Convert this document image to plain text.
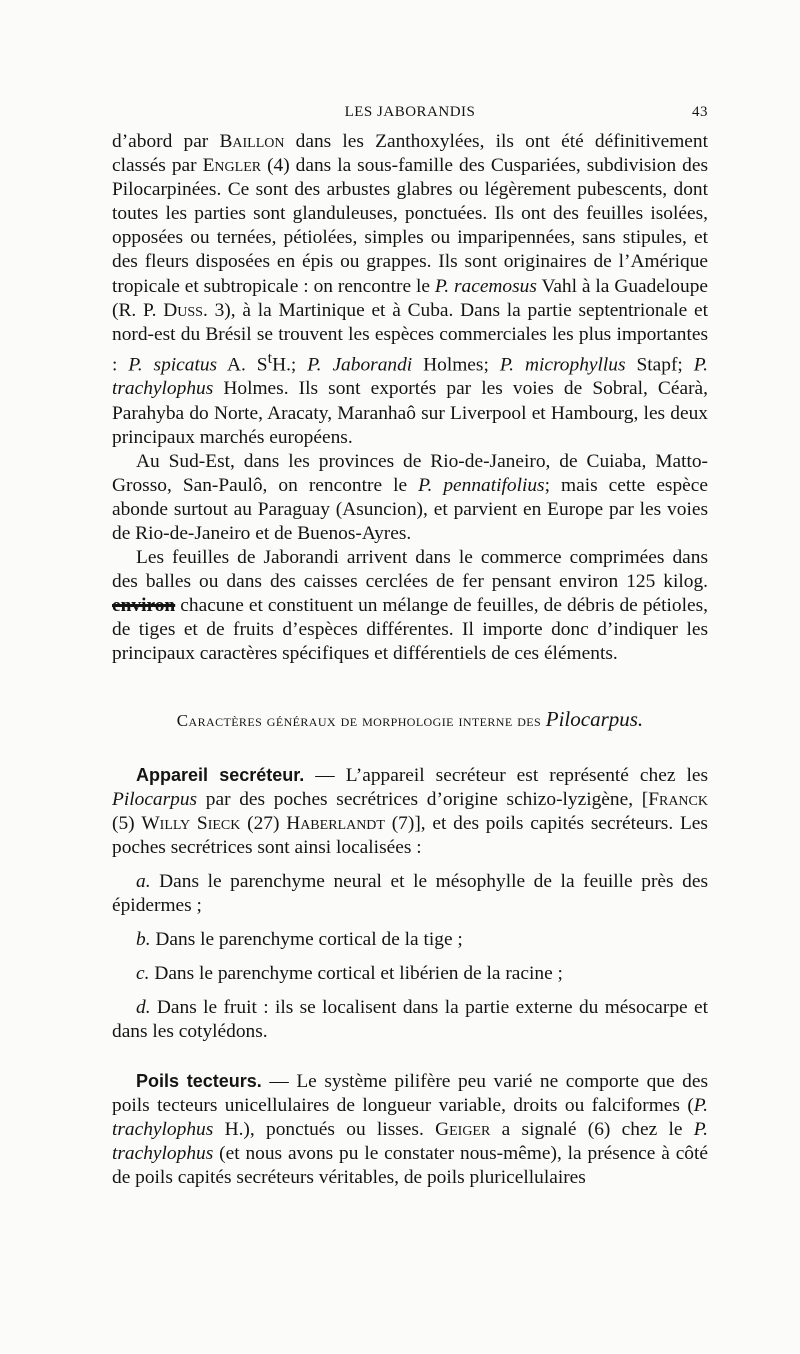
LES JABORANDIS	43

d’abord par Baillon dans les Zanthoxylées, ils ont été définitivement classés par Engler (4) dans la sous-famille des Cuspariées, subdivision des Pilocarpinées. Ce sont des arbustes glabres ou légèrement pubescents, dont toutes les parties sont glanduleuses, ponctuées. Ils ont des feuilles isolées, opposées ou ternées, pétiolées, simples ou imparipennées, sans stipules, et des fleurs disposées en épis ou grappes. Ils sont originaires de l’Amérique tropicale et subtropicale : on rencontre le P. racemosus Vahl à la Guadeloupe (R. P. Duss. 3), à la Martinique et à Cuba. Dans la partie septentrionale et nord-est du Brésil se trouvent les espèces commerciales les plus importantes : P. spicatus A. $S^tH$.; P. Jaborandi Holmes; P. microphyllus Stapf; P. trachylophus Holmes. Ils sont exportés par les voies de Sobral, Céarà, Parahyba do Norte, Aracaty, Maranhaô sur Liverpool et Hambourg, les deux principaux marchés européens.

Au Sud-Est, dans les provinces de Rio-de-Janeiro, de Cuiaba, Matto-Grosso, San-Paulô, on rencontre le P. pennatifolius; mais cette espèce abonde surtout au Paraguay (Asuncion), et parvient en Europe par les voies de Rio-de-Janeiro et de Buenos-Ayres.

Les feuilles de Jaborandi arrivent dans le commerce comprimées dans des balles ou dans des caisses cerclées de fer pensant environ 125 kilog. environ chacune et constituent un mélange de feuilles, de débris de pétioles, de tiges et de fruits d’espèces différentes. Il importe donc d’indiquer les principaux caractères spécifiques et différentiels de ces éléments.

Caractères généraux de morphologie interne des Pilocarpus.

Appareil secréteur. — L’appareil secréteur est représenté chez les Pilocarpus par des poches secrétrices d’origine schizo-lyzigène, [Franck (5) Willy Sieck (27) Haberlandt (7)], et des poils capités secréteurs. Les poches secrétrices sont ainsi localisées :

a. Dans le parenchyme neural et le mésophylle de la feuille près des épidermes ;

b. Dans le parenchyme cortical de la tige ;

c. Dans le parenchyme cortical et libérien de la racine ;

d. Dans le fruit : ils se localisent dans la partie externe du mésocarpe et dans les cotylédons.

Poils tecteurs. — Le système pilifère peu varié ne comporte que des poils tecteurs unicellulaires de longueur variable, droits ou falciformes (P. trachylophus H.), ponctués ou lisses. Geiger a signalé (6) chez le P. trachylophus (et nous avons pu le constater nous-même), la présence à côté de poils capités secréteurs véritables, de poils pluricellulaires
